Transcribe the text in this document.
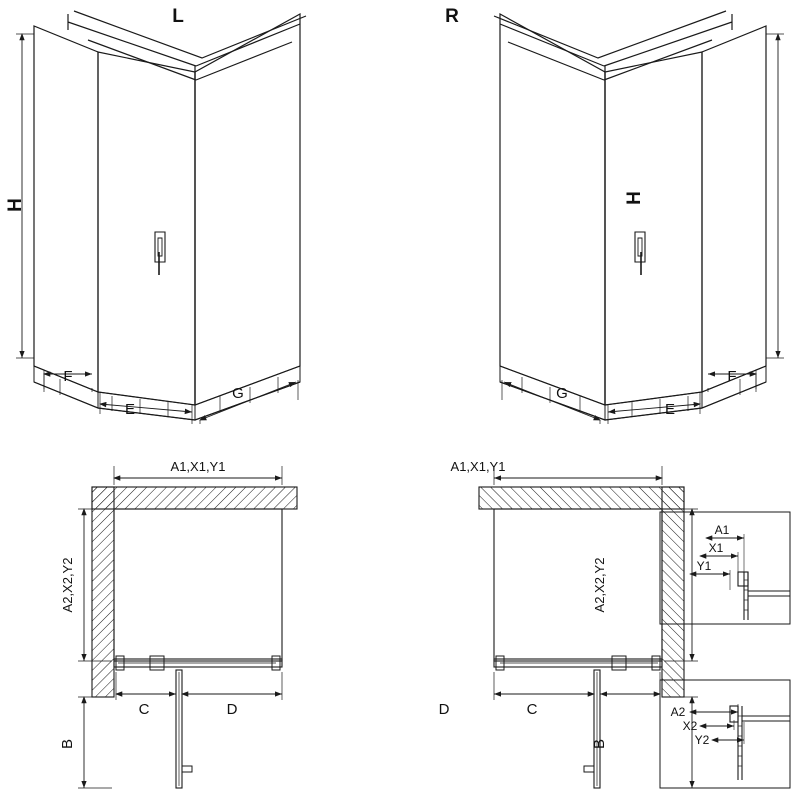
H
F
E
G
L
H
F
E
G
R
A1,X1,Y1
A2,X2,Y2
B
C	D
A1,X1,Y1
A2,X2,Y2
B
C
D
A1
X1
Y1
A2
X2
Y2
